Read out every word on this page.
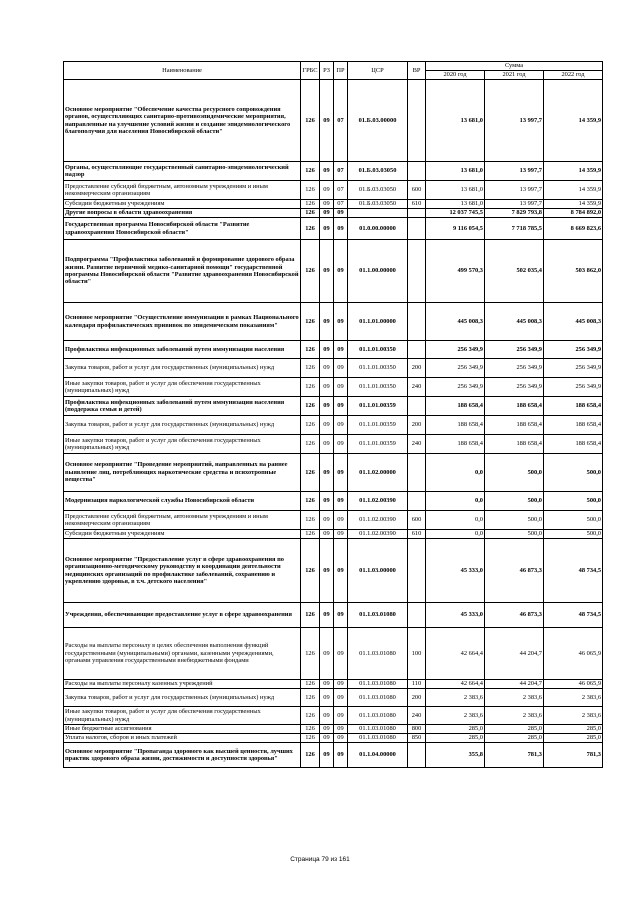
Наименование	ГРБС	РЗ	ПР	ЦСР	ВР	Сумма		
						2020 год	2021 год	2022 год
Основное мероприятие "Обеспечение качества ресурсного сопровождения органов, осуществляющих санитарно-противоэпидемические мероприятия, направленные на улучшение условий жизни и создание эпидемиологического благополучия для населения Новосибирской области"	126	09	07	01.Б.03.00000		13 681,0	13 997,7	14 359,9
Органы, осуществляющие государственный санитарно-эпидемиологический надзор	126	09	07	01.Б.03.03050		13 681,0	13 997,7	14 359,9
Предоставление субсидий бюджетным, автономным учреждениям и иным некоммерческим организациям	126	09	07	01.Б.03.03050	600	13 681,0	13 997,7	14 359,9
Субсидии бюджетным учреждениям	126	09	07	01.Б.03.03050	610	13 681,0	13 997,7	14 359,9
Другие вопросы в области здравоохранения	126	09	09			12 037 745,5	7 829 793,8	8 784 892,0
Государственная программа Новосибирской области "Развитие здравоохранения Новосибирской области"	126	09	09	01.0.00.00000		9 116 054,5	7 718 785,5	8 669 823,6
Подпрограмма "Профилактика заболеваний и формирование здорового образа жизни. Развитие первичной медико-санитарной помощи" государственной программы Новосибирской области "Развитие здравоохранения Новосибирской области"	126	09	09	01.1.00.00000		499 570,3	502 035,4	503 862,0
Основное мероприятие "Осуществление иммунизации в рамках Национального календаря профилактических прививок по эпидемическим показаниям"	126	09	09	01.1.01.00000		445 008,3	445 008,3	445 008,3
Профилактика инфекционных заболеваний путем иммунизации населения	126	09	09	01.1.01.00350		256 349,9	256 349,9	256 349,9
Закупка товаров, работ и услуг для государственных (муниципальных) нужд	126	09	09	01.1.01.00350	200	256 349,9	256 349,9	256 349,9
Иные закупки товаров, работ и услуг для обеспечения государственных (муниципальных) нужд	126	09	09	01.1.01.00350	240	256 349,9	256 349,9	256 349,9
Профилактика инфекционных заболеваний путем иммунизации населения (поддержка семьи и детей)	126	09	09	01.1.01.00359		188 658,4	188 658,4	188 658,4
Закупка товаров, работ и услуг для государственных (муниципальных) нужд	126	09	09	01.1.01.00359	200	188 658,4	188 658,4	188 658,4
Иные закупки товаров, работ и услуг для обеспечения государственных (муниципальных) нужд	126	09	09	01.1.01.00359	240	188 658,4	188 658,4	188 658,4
Основное мероприятие "Проведение мероприятий, направленных на раннее выявление лиц, потребляющих наркотические средства и психотропные вещества"	126	09	09	01.1.02.00000		0,0	500,0	500,0
Модернизация наркологической службы Новосибирской области	126	09	09	01.1.02.00390		0,0	500,0	500,0
Предоставление субсидий бюджетным, автономным учреждениям и иным некоммерческим организациям	126	09	09	01.1.02.00390	600	0,0	500,0	500,0
Субсидии бюджетным учреждениям	126	09	09	01.1.02.00390	610	0,0	500,0	500,0
Основное мероприятие "Предоставление услуг в сфере здравоохранения по организационно-методическому руководству и координации деятельности медицинских организаций по профилактике заболеваний, сохранению и укреплению здоровья, в т.ч. детского населения"	126	09	09	01.1.03.00000		45 333,0	46 873,3	48 734,5
Учреждения, обеспечивающие предоставление услуг в сфере здравоохранения	126	09	09	01.1.03.01080		45 333,0	46 873,3	48 734,5
Расходы на выплаты персоналу в целях обеспечения выполнения функций государственными (муниципальными) органами, казенными учреждениями, органами управления государственными внебюджетными фондами	126	09	09	01.1.03.01080	100	42 664,4	44 204,7	46 065,9
Расходы на выплаты персоналу казенных учреждений	126	09	09	01.1.03.01080	110	42 664,4	44 204,7	46 065,9
Закупка товаров, работ и услуг для государственных (муниципальных) нужд	126	09	09	01.1.03.01080	200	2 383,6	2 383,6	2 383,6
Иные закупки товаров, работ и услуг для обеспечения государственных (муниципальных) нужд	126	09	09	01.1.03.01080	240	2 383,6	2 383,6	2 383,6
Иные бюджетные ассигнования	126	09	09	01.1.03.01080	800	285,0	285,0	285,0
Уплата налогов, сборов и иных платежей	126	09	09	01.1.03.01080	850	285,0	285,0	285,0
Основное мероприятие "Пропаганда здорового как высшей ценности, лучших практик здорового образа жизни, достижимости и доступности здоровья"	126	09	09	01.1.04.00000		355,8	781,3	781,3
Страница 79 из 161
